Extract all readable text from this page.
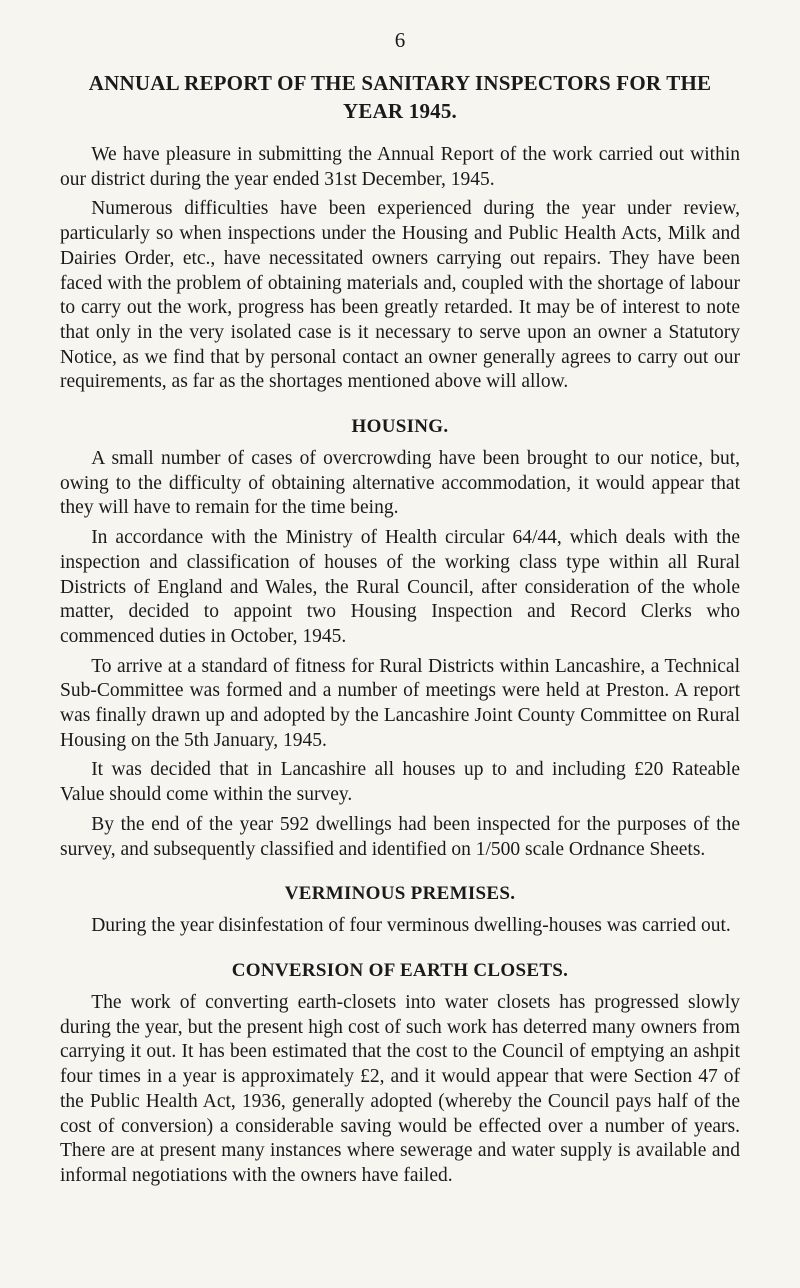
6
ANNUAL REPORT OF THE SANITARY INSPECTORS FOR THE YEAR 1945.

We have pleasure in submitting the Annual Report of the work carried out within our district during the year ended 31st December, 1945.

Numerous difficulties have been experienced during the year under review, particularly so when inspections under the Housing and Public Health Acts, Milk and Dairies Order, etc., have necessitated owners carrying out repairs. They have been faced with the problem of obtaining materials and, coupled with the shortage of labour to carry out the work, progress has been greatly retarded. It may be of interest to note that only in the very isolated case is it necessary to serve upon an owner a Statutory Notice, as we find that by personal contact an owner generally agrees to carry out our requirements, as far as the shortages mentioned above will allow.

HOUSING.

A small number of cases of overcrowding have been brought to our notice, but, owing to the difficulty of obtaining alternative accommodation, it would appear that they will have to remain for the time being.

In accordance with the Ministry of Health circular 64/44, which deals with the inspection and classification of houses of the working class type within all Rural Districts of England and Wales, the Rural Council, after consideration of the whole matter, decided to appoint two Housing Inspection and Record Clerks who commenced duties in October, 1945.

To arrive at a standard of fitness for Rural Districts within Lancashire, a Technical Sub-Committee was formed and a number of meetings were held at Preston. A report was finally drawn up and adopted by the Lancashire Joint County Committee on Rural Housing on the 5th January, 1945.

It was decided that in Lancashire all houses up to and including £20 Rateable Value should come within the survey.

By the end of the year 592 dwellings had been inspected for the purposes of the survey, and subsequently classified and identified on 1/500 scale Ordnance Sheets.

VERMINOUS PREMISES.

During the year disinfestation of four verminous dwelling-houses was carried out.

CONVERSION OF EARTH CLOSETS.

The work of converting earth-closets into water closets has progressed slowly during the year, but the present high cost of such work has deterred many owners from carrying it out. It has been estimated that the cost to the Council of emptying an ashpit four times in a year is approximately £2, and it would appear that were Section 47 of the Public Health Act, 1936, generally adopted (whereby the Council pays half of the cost of conversion) a considerable saving would be effected over a number of years. There are at present many instances where sewerage and water supply is available and informal negotiations with the owners have failed.
